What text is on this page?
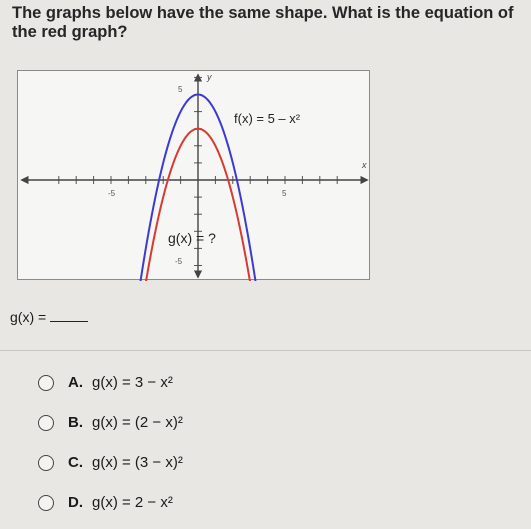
The graphs below have the same shape. What is the equation of the red graph?
y
x
5
-5
-5	5
f(x) = 5 – x²
g(x) = ?
g(x) =
A. g(x) = 3 − x²
B. g(x) = (2 − x)²
C. g(x) = (3 − x)²
D. g(x) = 2 − x²
